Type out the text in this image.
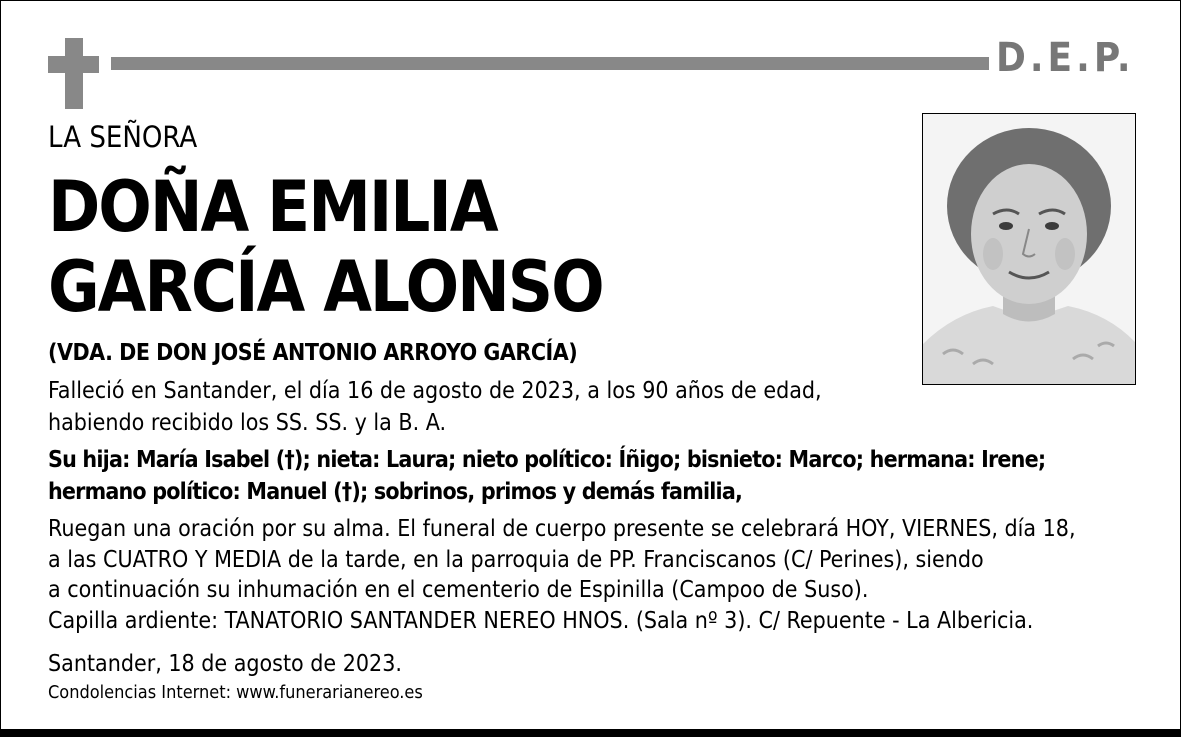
D.E.P.
LA SEÑORA
DOÑA EMILIA
GARCÍA ALONSO
(VDA. DE DON JOSÉ ANTONIO ARROYO GARCÍA)
Falleció en Santander, el día 16 de agosto de 2023, a los 90 años de edad,
habiendo recibido los SS. SS. y la B. A.
Su hija: María Isabel (†); nieta: Laura; nieto político: Íñigo; bisnieto: Marco; hermana: Irene;
hermano político: Manuel (†); sobrinos, primos y demás familia,
Ruegan una oración por su alma. El funeral de cuerpo presente se celebrará HOY, VIERNES, día 18,
a las CUATRO Y MEDIA de la tarde, en la parroquia de PP. Franciscanos (C/ Perines), siendo
a continuación su inhumación en el cementerio de Espinilla (Campoo de Suso).
Capilla ardiente: TANATORIO SANTANDER NEREO HNOS. (Sala nº 3). C/ Repuente - La Albericia.
Santander, 18 de agosto de 2023.
Condolencias Internet: www.funerarianereo.es
